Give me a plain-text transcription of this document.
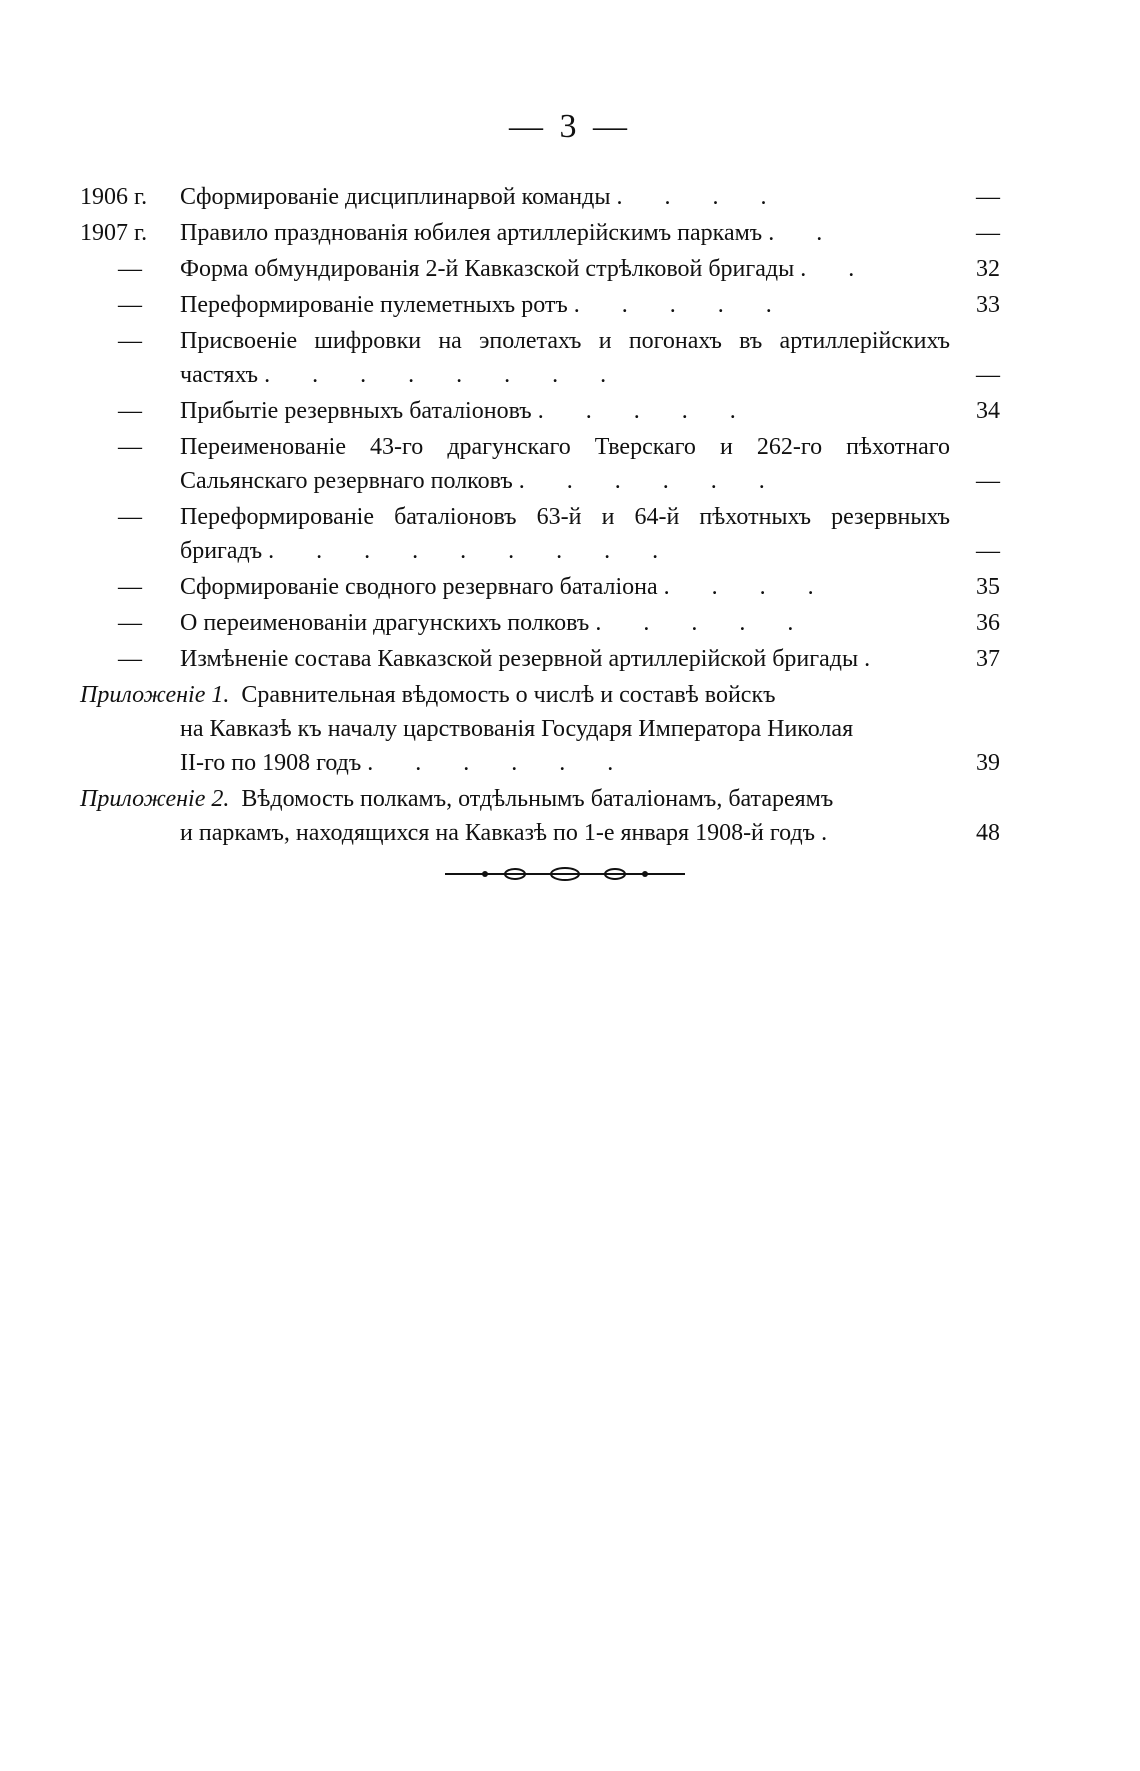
— 3 —
1906 г.	Сформированіе дисциплинарвой команды . . . .	—
1907 г.	Правило празднованія юбилея артиллерійскимъ паркамъ . .	—
—	Форма обмундированія 2-й Кавказской стрѣлковой бригады . .	32
—	Переформированіе пулеметныхъ ротъ . . . . .	33
—	Присвоеніе шифровки на эполетахъ и погонахъ въ артиллерійскихъ частяхъ . . . . . . . .	—
—	Прибытіе резервныхъ баталіоновъ . . . . .	34
—	Переименованіе 43-го драгунскаго Тверскаго и 262-го пѣхотнаго Сальянскаго резервнаго полковъ . . . . . .	—
—	Переформированіе баталіоновъ 63-й и 64-й пѣхотныхъ резервныхъ бригадъ . . . . . . . . .	—
—	Сформированіе сводного резервнаго баталіона . . . .	35
—	О переименованіи драгунскихъ полковъ . . . . .	36
—	Измѣненіе состава Кавказской резервной артиллерійской бригады .	37
Приложеніе 1. Сравнительная вѣдомость о числѣ и составѣ войскъ
на Кавказѣ къ началу царствованія Государя Императора Николая
II-го по 1908 годъ . . . . . .	39
Приложеніе 2. Вѣдомость полкамъ, отдѣльнымъ баталіонамъ, батареямъ
и паркамъ, находящихся на Кавказѣ по 1-е января 1908-й годъ .	48
